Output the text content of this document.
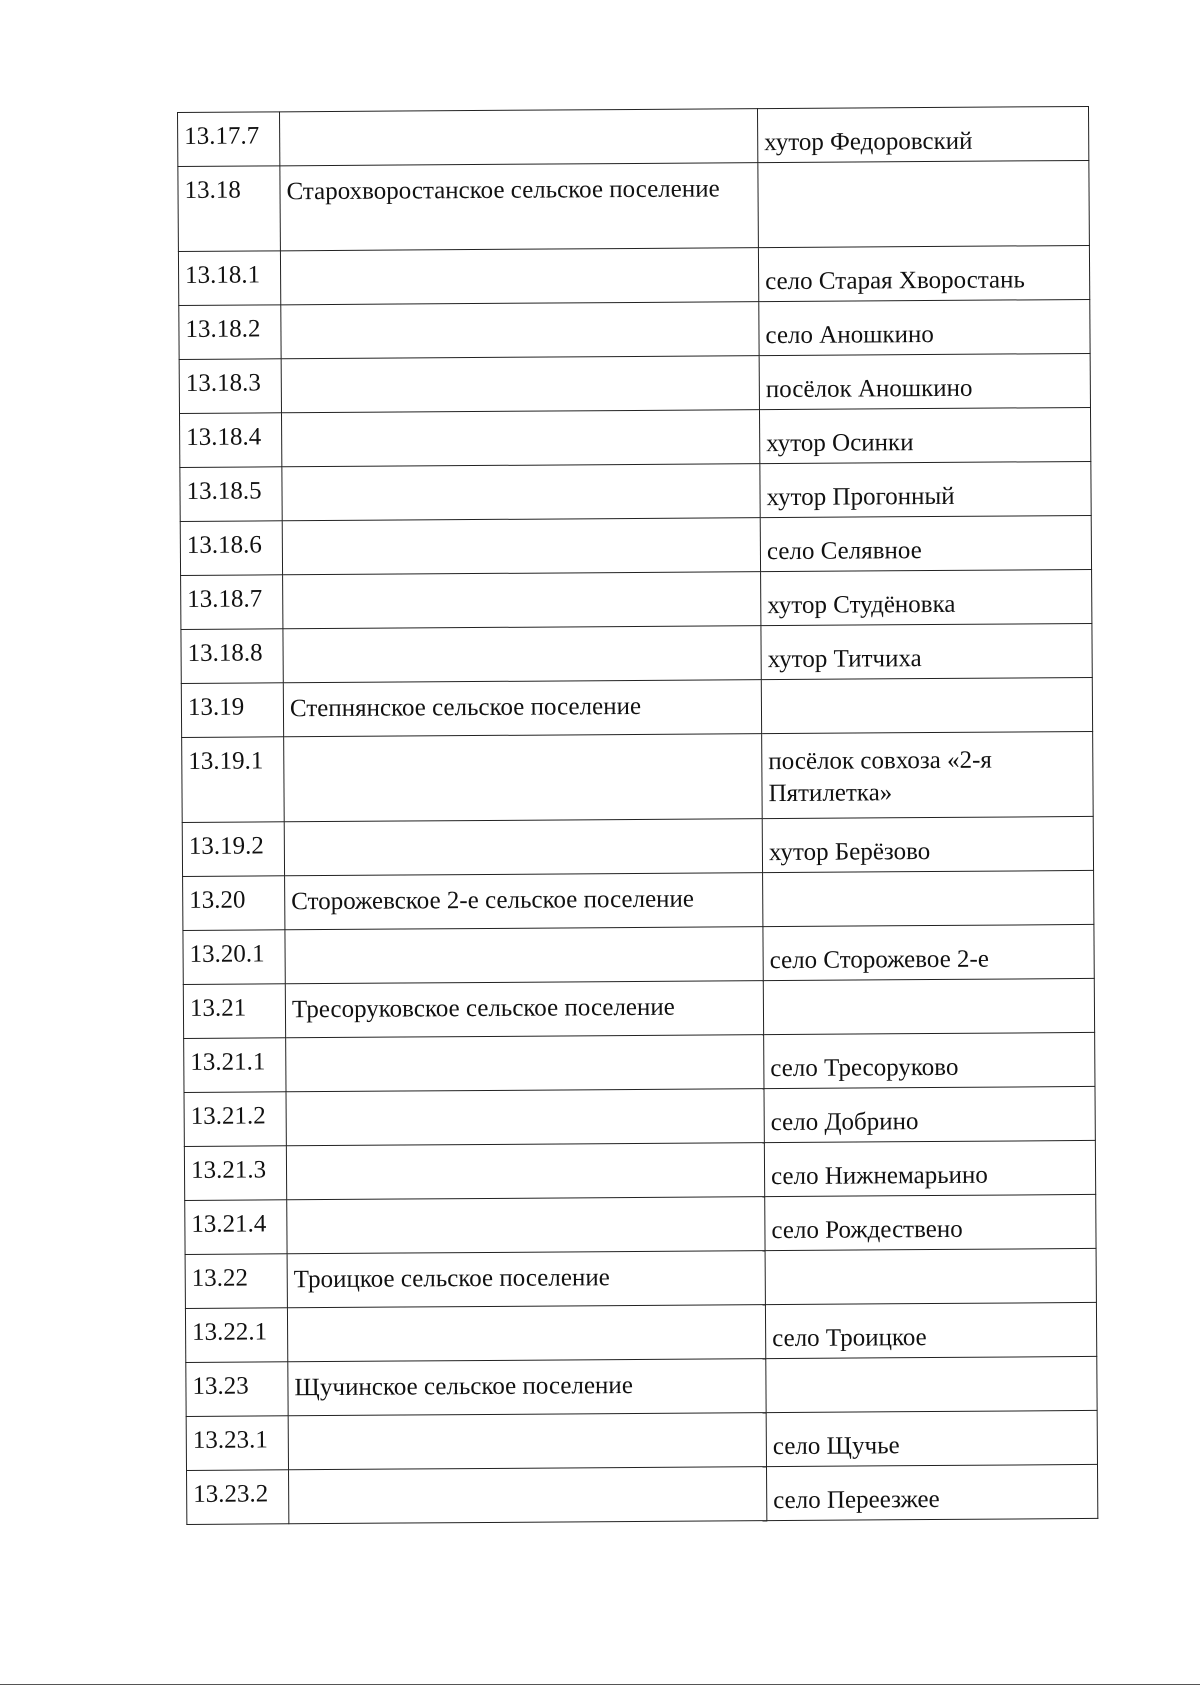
13.17.7		хутор Федоровский
13.18	Старохворостанское сельское поселение	
13.18.1		село Старая Хворостань
13.18.2		село Аношкино
13.18.3		посёлок Аношкино
13.18.4		хутор Осинки
13.18.5		хутор Прогонный
13.18.6		село Селявное
13.18.7		хутор Студёновка
13.18.8		хутор Титчиха
13.19	Степнянское сельское поселение	
13.19.1		посёлок совхоза «2-я Пятилетка»
13.19.2		хутор Берёзово
13.20	Сторожевское 2-е сельское поселение	
13.20.1		село Сторожевое 2-е
13.21	Тресоруковское сельское поселение	
13.21.1		село Тресоруково
13.21.2		село Добрино
13.21.3		село Нижнемарьино
13.21.4		село Рождествено
13.22	Троицкое сельское поселение	
13.22.1		село Троицкое
13.23	Щучинское сельское поселение	
13.23.1		село Щучье
13.23.2		село Переезжее
